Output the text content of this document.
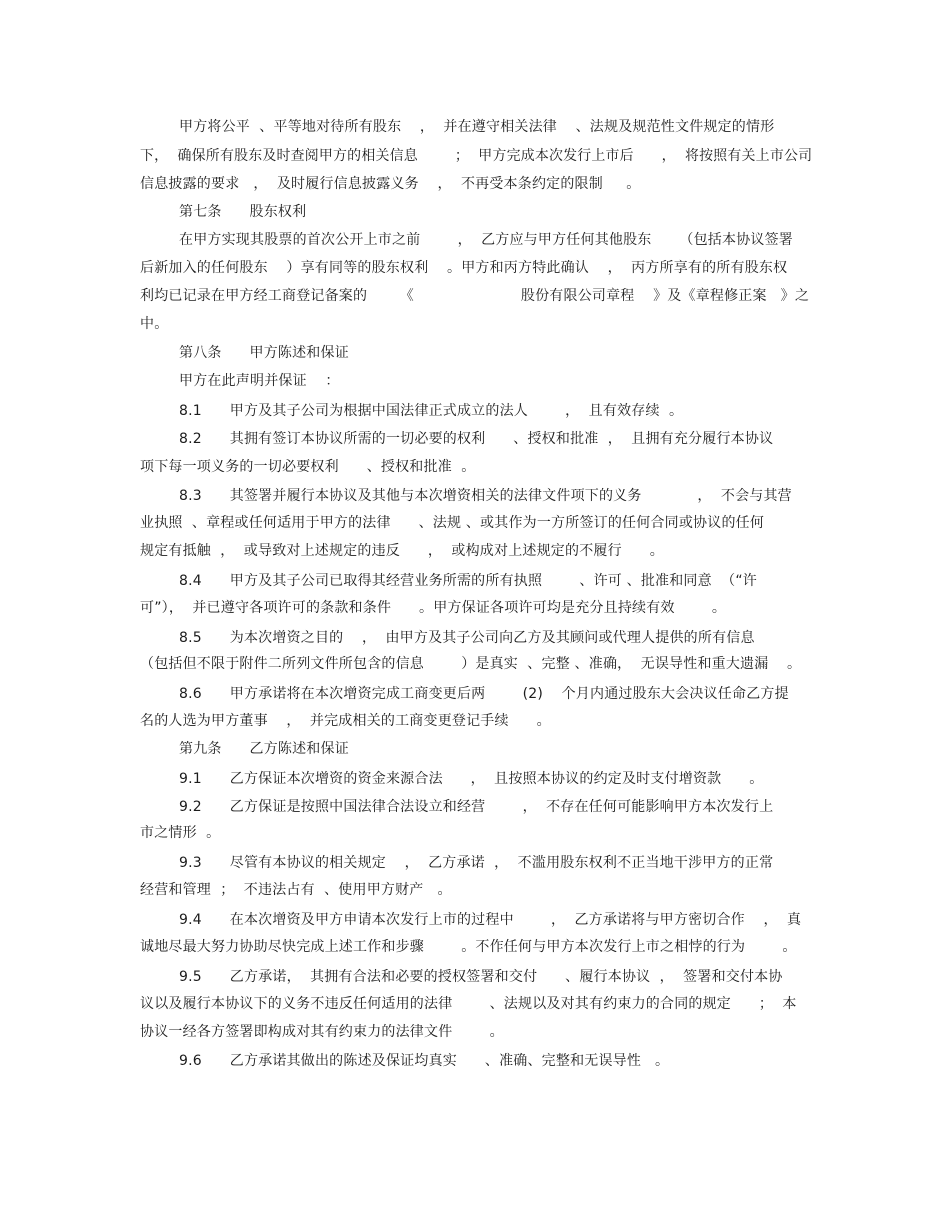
甲方将公平  、平等地对待所有股东    ，  并在遵守相关法律    、法规及规范性文件规定的情形

下，  确保所有股东及时查阅甲方的相关信息        ；  甲方完成本次发行上市后      ，  将按照有关上市公司

信息披露的要求   ，  及时履行信息披露义务    ，  不再受本条约定的限制     。

第七条      股东权利

在甲方实现其股票的首次公开上市之前        ，  乙方应与甲方任何其他股东      （包括本协议签署

后新加入的任何股东    ）享有同等的股东权利    。甲方和丙方特此确认    ，  丙方所享有的所有股东权

利均已记录在甲方经工商登记备案的       《                       股份有限公司章程    》及《章程修正案   》之

中。

第八条      甲方陈述和保证

甲方在此声明并保证    ：

8.1      甲方及其子公司为根据中国法律正式成立的法人        ，  且有效存续  。

8.2      其拥有签订本协议所需的一切必要的权利      、授权和批准  ，  且拥有充分履行本协议

项下每一项义务的一切必要权利      、授权和批准  。

8.3      其签署并履行本协议及其他与本次增资相关的法律文件项下的义务            ，  不会与其营

业执照  、章程或任何适用于甲方的法律      、法规 、或其作为一方所签订的任何合同或协议的任何

规定有抵触  ，  或导致对上述规定的违反      ，  或构成对上述规定的不履行      。

8.4      甲方及其子公司已取得其经营业务所需的所有执照        、许可 、批准和同意  （“许

可”），  并已遵守各项许可的条款和条件      。甲方保证各项许可均是充分且持续有效        。

8.5      为本次增资之目的    ，  由甲方及其子公司向乙方及其顾问或代理人提供的所有信息

（包括但不限于附件二所列文件所包含的信息        ）是真实  、完整 、准确，  无误导性和重大遗漏    。

8.6      甲方承诺将在本次增资完成工商变更后两        (2)    个月内通过股东大会决议任命乙方提

名的人选为甲方董事    ，  并完成相关的工商变更登记手续      。

第九条      乙方陈述和保证

9.1      乙方保证本次增资的资金来源合法      ，  且按照本协议的约定及时支付增资款      。

9.2      乙方保证是按照中国法律合法设立和经营        ，  不存在任何可能影响甲方本次发行上

市之情形  。

9.3      尽管有本协议的相关规定    ，  乙方承诺  ，  不滥用股东权利不正当地干涉甲方的正常

经营和管理  ；  不违法占有  、使用甲方财产   。

9.4      在本次增资及甲方申请本次发行上市的过程中        ，  乙方承诺将与甲方密切合作    ，  真

诚地尽最大努力协助尽快完成上述工作和步骤        。不作任何与甲方本次发行上市之相悖的行为        。

9.5      乙方承诺，  其拥有合法和必要的授权签署和交付      、履行本协议  ，  签署和交付本协

议以及履行本协议下的义务不违反任何适用的法律        、法规以及对其有约束力的合同的规定      ；  本

协议一经各方签署即构成对其有约束力的法律文件        。

9.6      乙方承诺其做出的陈述及保证均真实      、准确、完整和无误导性   。
